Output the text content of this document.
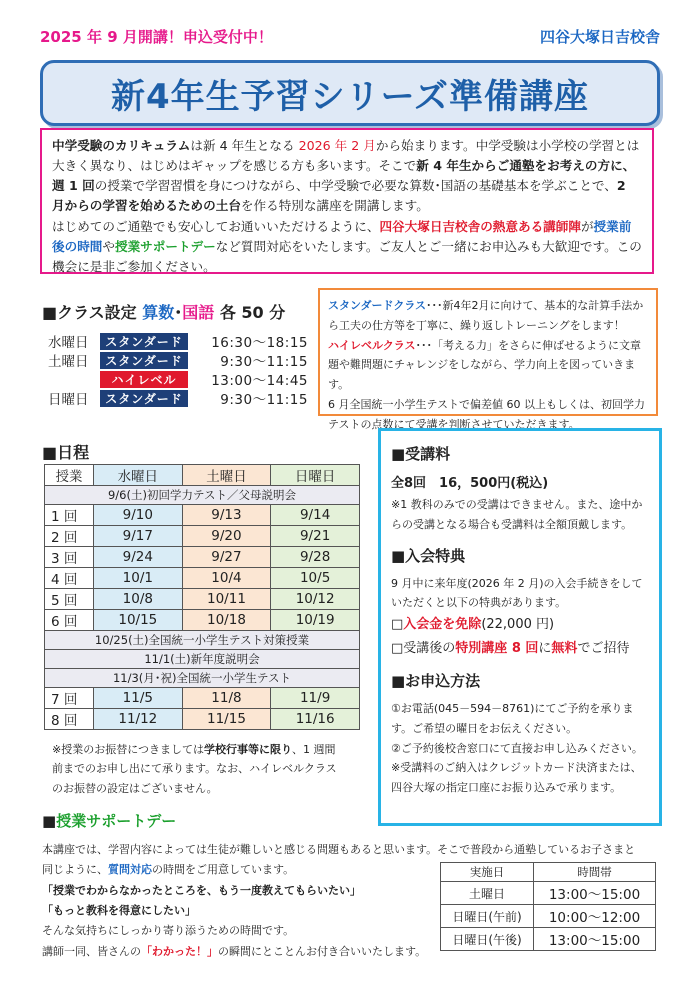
2025 年 9 月開講！申込受付中！	四谷大塚日吉校舎
新4年生予習シリーズ準備講座
中学受験のカリキュラムは新 4 年生となる 2026 年 2 月から始まります。中学受験は小学校の学習とは大きく異なり、はじめはギャップを感じる方も多います。そこで新 4 年生からご通塾をお考えの方に、週 1 回の授業で学習習慣を身につけながら、中学受験で必要な算数･国語の基礎基本を学ぶことで、2 月からの学習を始めるための土台を作る特別な講座を開講します。
はじめてのご通塾でも安心してお通いいただけるように、四谷大塚日吉校舎の熱意ある講師陣が授業前後の時間や授業サポートデーなど質問対応をいたします。ご友人とご一緒にお申込みも大歓迎です。この機会に是非ご参加ください。
■クラス設定 算数･国語 各 50 分
水曜日	スタンダード	16:30～18:15
土曜日	スタンダード	9:30～11:15
ハイレベル	13:00～14:45
日曜日	スタンダード	9:30～11:15
スタンダードクラス･･･新4年2月に向けて、基本的な計算手法から工夫の仕方等を丁寧に、繰り返しトレーニングをします！
ハイレベルクラス･･･「考える力」をさらに伸ばせるように文章題や難問題にチャレンジをしながら、学力向上を図っていきます。
6 月全国統一小学生テストで偏差値 60 以上もしくは、初回学力テストの点数にて受講を判断させていただきます。
■日程
授業	水曜日	土曜日	日曜日
9/6(土)初回学力テスト／父母説明会			
1 回	9/10	9/13	9/14
2 回	9/17	9/20	9/21
3 回	9/24	9/27	9/28
4 回	10/1	10/4	10/5
5 回	10/8	10/11	10/12
6 回	10/15	10/18	10/19
10/25(土)全国統一小学生テスト対策授業			
11/1(土)新年度説明会			
11/3(月･祝)全国統一小学生テスト			
7 回	11/5	11/8	11/9
8 回	11/12	11/15	11/16
※授業のお振替につきましては学校行事等に限り、1 週間前までのお申し出にて承ります。なお、ハイレベルクラスのお振替の設定はございません。
■受講料
全8回　16，500円(税込)

※1 教科のみでの受講はできません。また、途中からの受講となる場合も受講料は全額頂戴します。

■入会特典

9 月中に来年度(2026 年 2 月)の入会手続きをしていただくと以下の特典があります。

□入会金を免除(22,000 円)

□受講後の特別講座 8 回に無料でご招待

■お申込方法

①お電話(045－594－8761)にてご予約を承ります。ご希望の曜日をお伝えください。

②ご予約後校舎窓口にて直接お申し込みください。

※受講料のご納入はクレジットカード決済または、四谷大塚の指定口座にお振り込みで承ります。

■授業サポートデー
本講座では、学習内容によっては生徒が難しいと感じる問題もあると思います。そこで普段から通塾しているお子さまと
同じように、質問対応の時間をご用意しています。
「授業でわからなかったところを、もう一度教えてもらいたい」
「もっと教科を得意にしたい」
そんな気持ちにしっかり寄り添うための時間です。
講師一同、皆さんの「わかった！」の瞬間にとことんお付き合いいたします。
実施日	時間帯
土曜日	13:00～15:00
日曜日(午前)	10:00～12:00
日曜日(午後)	13:00～15:00
